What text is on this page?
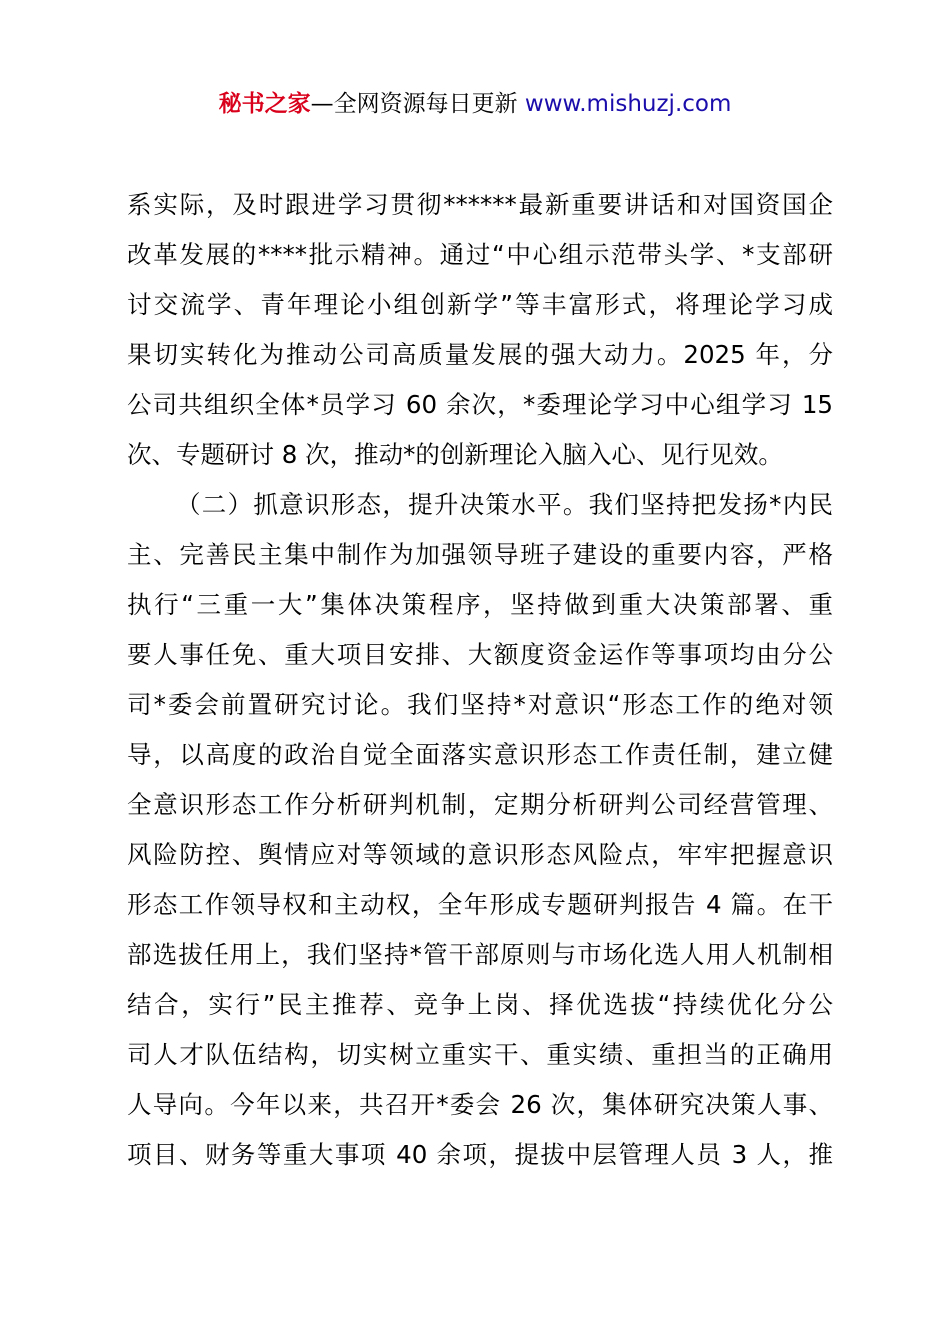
秘书之家—全网资源每日更新 www.mishuzj.com
系实际，及时跟进学习贯彻******最新重要讲话和对国资国企
改革发展的****批示精神。通过“中心组示范带头学、*支部研
讨交流学、青年理论小组创新学”等丰富形式，将理论学习成
果切实转化为推动公司高质量发展的强大动力。2025 年，分
公司共组织全体*员学习 60 余次，*委理论学习中心组学习 15
次、专题研讨 8 次，推动*的创新理论入脑入心、见行见效。
（二）抓意识形态，提升决策水平。我们坚持把发扬*内民
主、完善民主集中制作为加强领导班子建设的重要内容，严格
执行“三重一大”集体决策程序，坚持做到重大决策部署、重
要人事任免、重大项目安排、大额度资金运作等事项均由分公
司*委会前置研究讨论。我们坚持*对意识“形态工作的绝对领
导，以高度的政治自觉全面落实意识形态工作责任制，建立健
全意识形态工作分析研判机制，定期分析研判公司经营管理、
风险防控、舆情应对等领域的意识形态风险点，牢牢把握意识
形态工作领导权和主动权，全年形成专题研判报告 4 篇。在干
部选拔任用上，我们坚持*管干部原则与市场化选人用人机制相
结合，实行”民主推荐、竞争上岗、择优选拔“持续优化分公
司人才队伍结构，切实树立重实干、重实绩、重担当的正确用
人导向。今年以来，共召开*委会 26 次，集体研究决策人事、
项目、财务等重大事项 40 余项，提拔中层管理人员 3 人，推
